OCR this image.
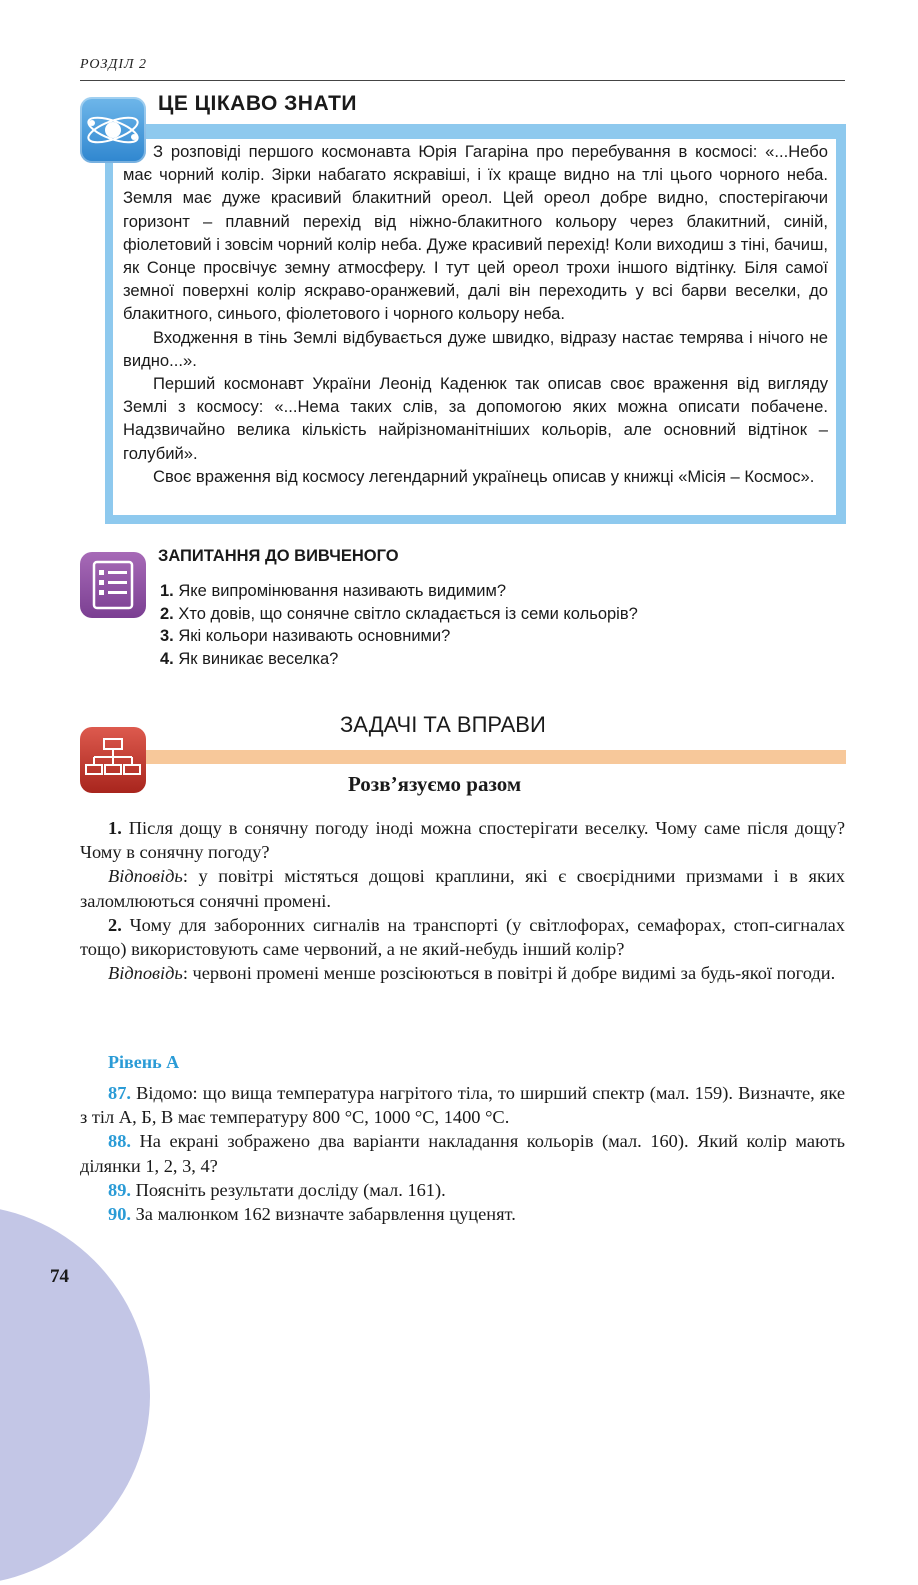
74
РОЗДІЛ 2
ЦЕ ЦІКАВО ЗНАТИ

З розповіді першого космонавта Юрія Гагаріна про перебування в космосі: «...Небо має чорний колір. Зірки набагато яскравіші, і їх краще видно на тлі цього чорного неба. Земля має дуже красивий блакитний ореол. Цей ореол добре видно, спостерігаючи горизонт – плавний перехід від ніжно-блакитного кольору через блакитний, синій, фіолетовий і зовсім чорний колір неба. Дуже красивий перехід! Коли виходиш з тіні, бачиш, як Сонце просвічує земну атмосферу. І тут цей ореол трохи іншого відтінку. Біля самої земної поверхні колір яскраво-оранжевий, далі він переходить у всі барви веселки, до блакитного, синього, фіолетового і чорного кольору неба.

Входження в тінь Землі відбувається дуже швидко, відразу настає темрява і нічого не видно...».

Перший космонавт України Леонід Каденюк так описав своє враження від вигляду Землі з космосу: «...Нема таких слів, за допомогою яких можна описати побачене. Надзвичайно велика кількість найрізноманітніших кольорів, але основний відтінок – голубий».

Своє враження від космосу легендарний українець описав у книжці «Місія – Космос».

ЗАПИТАННЯ ДО ВИВЧЕНОГО
1. Яке випромінювання називають видимим?
2. Хто довів, що сонячне світло складається із семи кольорів?
3. Які кольори називають основними?
4. Як виникає веселка?
ЗАДАЧІ ТА ВПРАВИ
Розв’язуємо разом

1. Після дощу в сонячну погоду іноді можна спостерігати веселку. Чому саме після дощу? Чому в сонячну погоду?

Відповідь: у повітрі містяться дощові краплини, які є своєрідними призмами і в яких заломлюються сонячні промені.

2. Чому для заборонних сигналів на транспорті (у світлофорах, семафорах, стоп-сигналах тощо) використовують саме червоний, а не який-небудь інший колір?

Відповідь: червоні промені менше розсіюються в повітрі й добре видимі за будь-якої погоди.

Рівень А

87. Відомо: що вища температура нагрітого тіла, то ширший спектр (мал. 159). Визначте, яке з тіл А, Б, В має температуру 800 °С, 1000 °С, 1400 °С.

88. На екрані зображено два варіанти накладання кольорів (мал. 160). Який колір мають ділянки 1, 2, 3, 4?

89. Поясніть результати досліду (мал. 161).

90. За малюнком 162 визначте забарвлення цуценят.
